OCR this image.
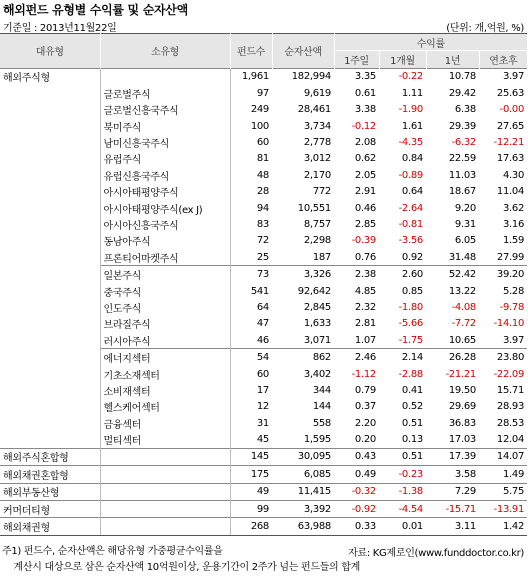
해외펀드 유형별 수익률 및 순자산액
기준일 : 2013년11월22일	(단위: 개,억원, %)
대유형	소유형	펀드수	순자산액	수익률			
				1주일	1개월	1년	연초후
해외주식형		1,961	182,994	3.35	-0.22	10.78	3.97
	글로벌주식	97	9,619	0.61	1.11	29.42	25.63
	글로벌신흥국주식	249	28,461	3.38	-1.90	6.38	-0.00
	북미주식	100	3,734	-0.12	1.61	29.39	27.65
	남미신흥국주식	60	2,778	2.08	-4.35	-6.32	-12.21
	유럽주식	81	3,012	0.62	0.84	22.59	17.63
	유럽신흥국주식	48	2,170	2.05	-0.89	11.03	4.30
	아시아태평양주식	28	772	2.91	0.64	18.67	11.04
	아시아태평양주식(ex J)	94	10,551	0.46	-2.64	9.20	3.62
	아시아신흥국주식	83	8,757	2.85	-0.81	9.31	3.16
	동남아주식	72	2,298	-0.39	-3.56	6.05	1.59
	프론티어마켓주식	25	187	0.76	0.92	31.48	27.99
	일본주식	73	3,326	2.38	2.60	52.42	39.20
	중국주식	541	92,642	4.85	0.85	13.22	5.28
	인도주식	64	2,845	2.32	-1.80	-4.08	-9.78
	브라질주식	47	1,633	2.81	-5.66	-7.72	-14.10
	러시아주식	46	3,071	1.07	-1.75	10.65	3.97
	에너지섹터	54	862	2.46	2.14	26.28	23.80
	기초소재섹터	60	3,402	-1.12	-2.88	-21.21	-22.09
	소비재섹터	17	344	0.79	0.41	19.50	15.71
	헬스케어섹터	12	144	0.37	0.52	29.69	28.93
	금융섹터	31	558	2.20	0.51	36.83	28.53
	멀티섹터	45	1,595	0.20	0.13	17.03	12.04
해외주식혼합형		145	30,095	0.43	0.51	17.39	14.07
해외채권혼합형		175	6,085	0.49	-0.23	3.58	1.49
해외부동산형		49	11,415	-0.32	-1.38	7.29	5.75
커머더티형		99	3,392	-0.92	-4.54	-15.71	-13.91
해외채권형		268	63,988	0.33	0.01	3.11	1.42
주1) 펀드수, 순자산액은 해당유형 가중평균수익률을
계산시 대상으로 삼은 순자산액 10억원이상, 운용기간이 2주가 넘는 펀드들의 합계
자료: KG제로인(www.funddoctor.co.kr)
